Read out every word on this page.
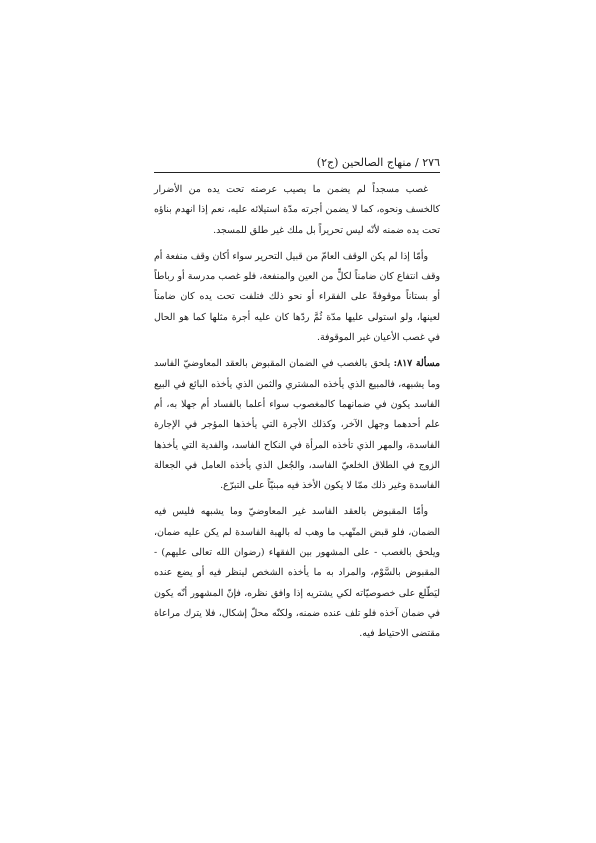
٢٧٦ / منهاج الصالحين (ج٢)

غصب مسجداً لم يضمن ما يصيب عرصته تحت يده من الأضرار كالخسف ونحوه، كما لا يضمن أجرته مدّة استيلائه عليه، نعم إذا انهدم بناؤه تحت يده ضمنه لأنّه ليس تحريراً بل ملك غير طلق للمسجد.

وأمّا إذا لم يكن الوقف العامّ من قبيل التحرير سواء أكان وقف منفعة أم وقف انتفاع كان ضامناً لكلٍّ من العين والمنفعة، فلو غصب مدرسة أو رباطاً أو بستاناً موقوفةً على الفقراء أو نحو ذلك فتلفت تحت يده كان ضامناً لعينها، ولو استولى عليها مدّة ثُمَّ ردّها كان عليه أجرة مثلها كما هو الحال في غصب الأعيان غير الموقوفة.

مسألة ٨١٧: يلحق بالغصب في الضمان المقبوض بالعقد المعاوضيّ الفاسد وما يشبهه، فالمبيع الذي يأخذه المشتري والثمن الذي يأخذه البائع في البيع الفاسد يكون في ضمانهما كالمغصوب سواء أعلما بالفساد أم جهلا به، أم علم أحدهما وجهل الآخر، وكذلك الأجرة التي يأخذها المؤجر في الإجارة الفاسدة، والمهر الذي تأخذه المرأة في النكاح الفاسد، والفدية التي يأخذها الزوج في الطلاق الخلعيّ الفاسد، والجُعل الذي يأخذه العامل في الجعالة الفاسدة وغير ذلك ممّا لا يكون الأخذ فيه مبنيّاً على التبرّع.

وأمّا المقبوض بالعقد الفاسد غير المعاوضيّ وما يشبهه فليس فيه الضمان، فلو قبض المتّهب ما وهب له بالهبة الفاسدة لم يكن عليه ضمان، ويلحق بالغصب - على المشهور بين الفقهاء (رضوان الله تعالى عليهم) - المقبوض بالسَّوْم، والمراد به ما يأخذه الشخص لينظر فيه أو يضع عنده ليَطّلع على خصوصيّاته لكي يشتريه إذا وافق نظره، فإنّ المشهور أنّه يكون في ضمان آخذه فلو تلف عنده ضمنه، ولكنّه محلّ إشكال، فلا يترك مراعاة مقتضى الاحتياط فيه.
